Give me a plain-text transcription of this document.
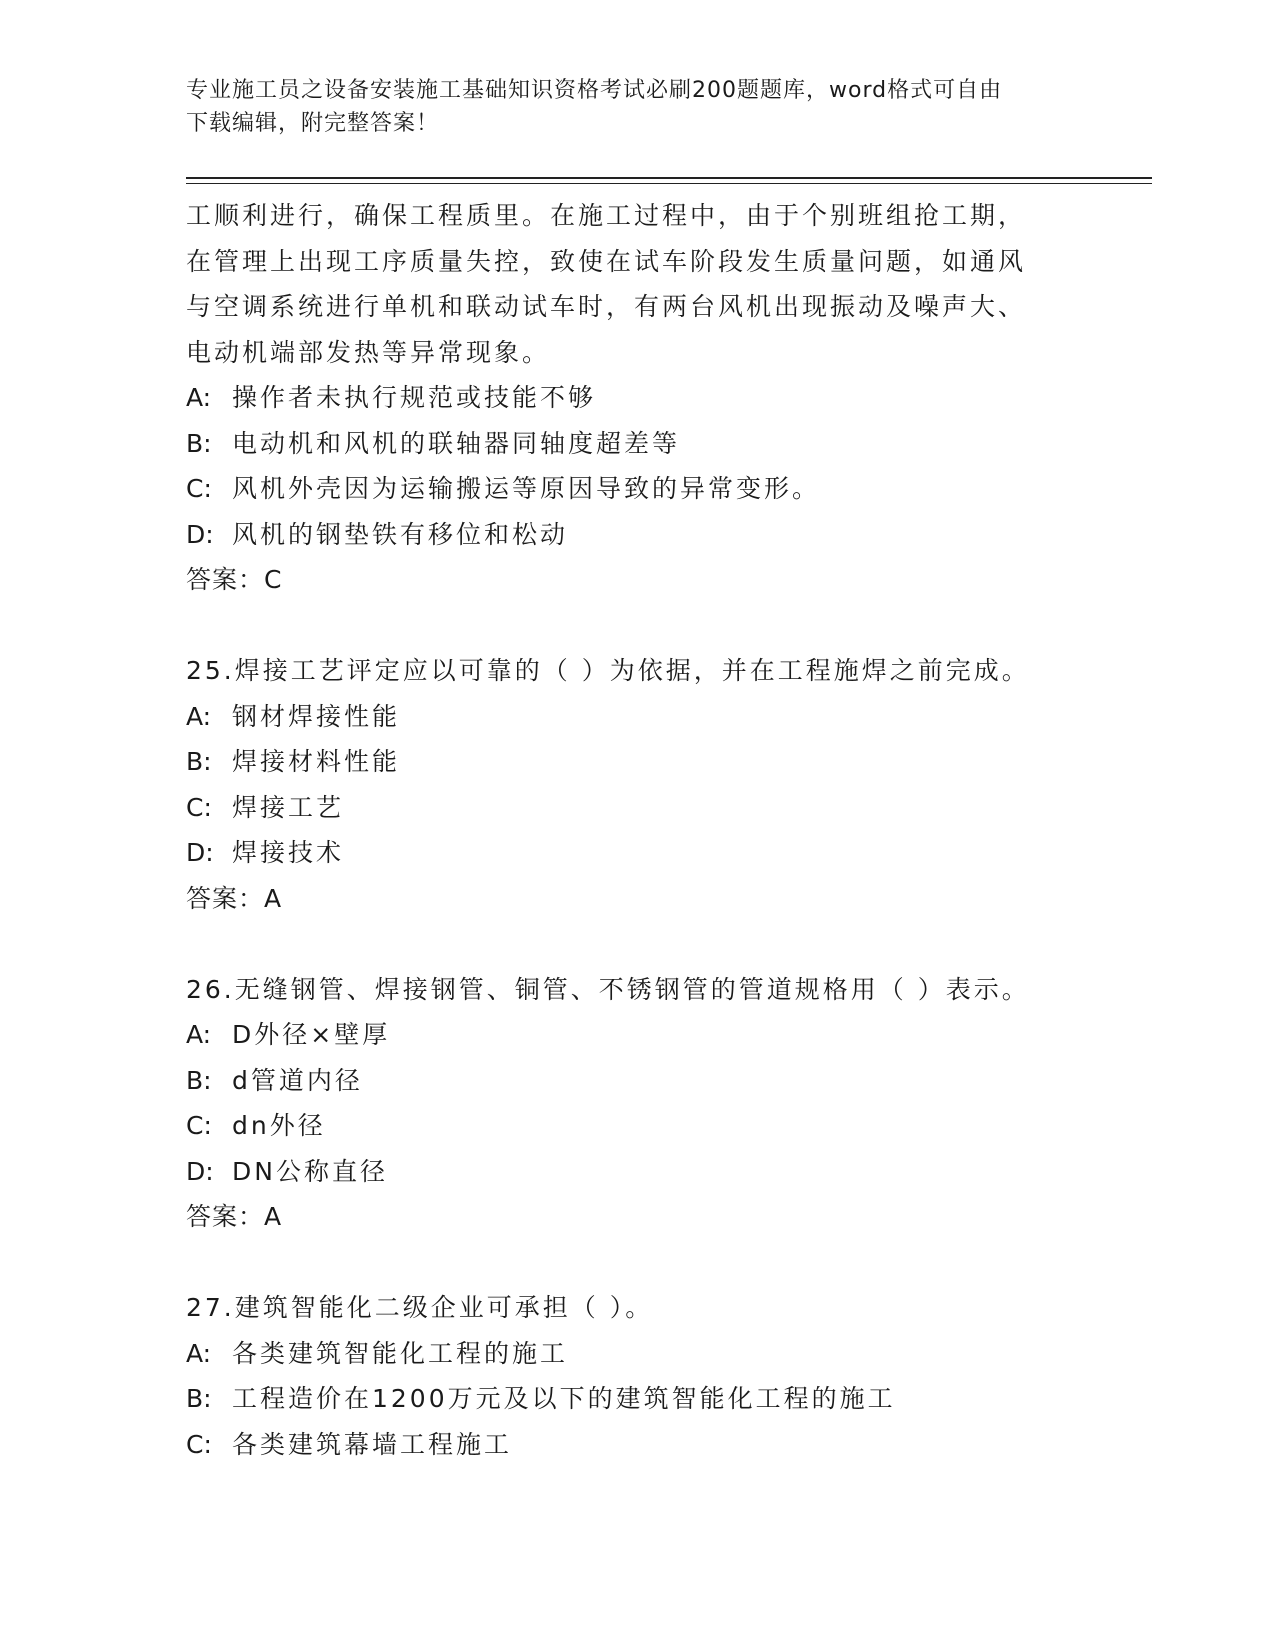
专业施工员之设备安装施工基础知识资格考试必刷200题题库，word格式可自由
下载编辑，附完整答案！
工顺利进行，确保工程质里。在施工过程中，由于个别班组抢工期，
在管理上出现工序质量失控，致使在试车阶段发生质量问题，如通风
与空调系统进行单机和联动试车时，有两台风机出现振动及噪声大、
电动机端部发热等异常现象。
A: 操作者未执行规范或技能不够
B: 电动机和风机的联轴器同轴度超差等
C: 风机外壳因为运输搬运等原因导致的异常变形。
D: 风机的钢垫铁有移位和松动
答案：C
25.焊接工艺评定应以可靠的（ ）为依据，并在工程施焊之前完成。
A: 钢材焊接性能
B: 焊接材料性能
C: 焊接工艺
D: 焊接技术
答案：A
26.无缝钢管、焊接钢管、铜管、不锈钢管的管道规格用（ ）表示。
A: D外径×壁厚
B: d管道内径
C: dn外径
D: DN公称直径
答案：A
27.建筑智能化二级企业可承担（ ）。
A: 各类建筑智能化工程的施工
B: 工程造价在1200万元及以下的建筑智能化工程的施工
C: 各类建筑幕墙工程施工
